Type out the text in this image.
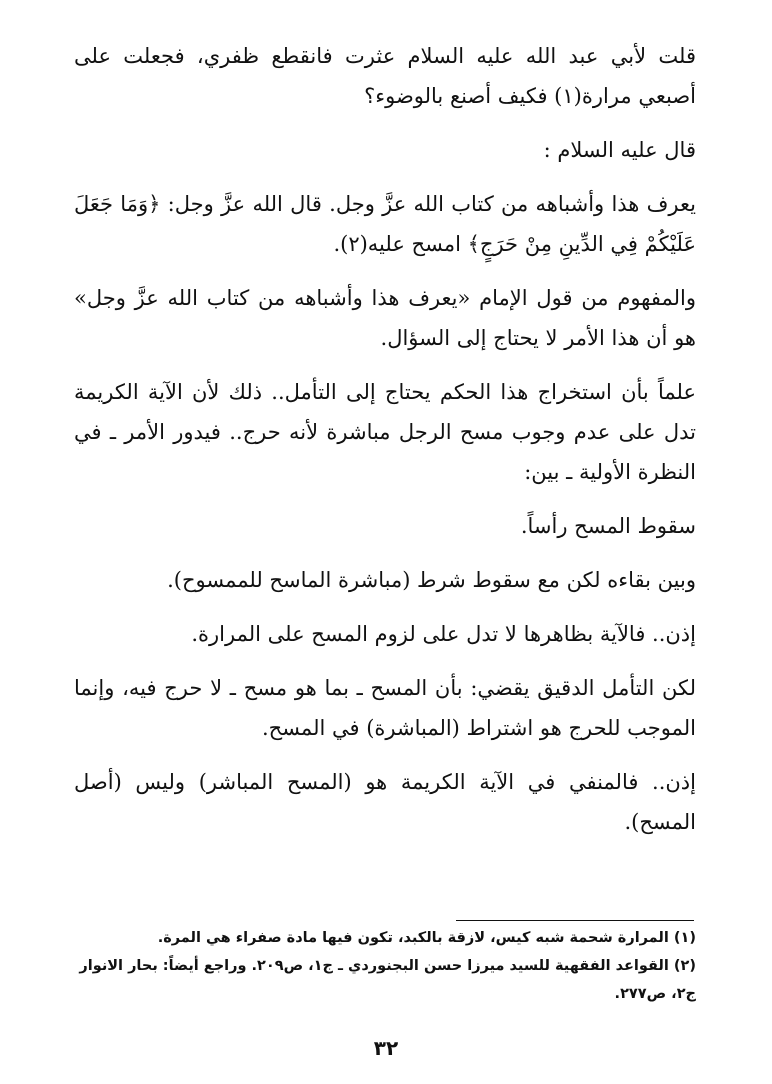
قلت لأبي عبد الله عليه السلام عثرت فانقطع ظفري، فجعلت على أصبعي مرارة(١) فكيف أصنع بالوضوء؟

قال عليه السلام :

يعرف هذا وأشباهه من كتاب الله عزَّ وجل. قال الله عزَّ وجل: ﴿وَمَا جَعَلَ عَلَيْكُمْ فِي الدِّينِ مِنْ حَرَجٍ﴾ امسح عليه(٢).

والمفهوم من قول الإمام «يعرف هذا وأشباهه من كتاب الله عزَّ وجل» هو أن هذا الأمر لا يحتاج إلى السؤال.

علماً بأن استخراج هذا الحكم يحتاج إلى التأمل.. ذلك لأن الآية الكريمة تدل على عدم وجوب مسح الرجل مباشرة لأنه حرج.. فيدور الأمر ـ في النظرة الأولية ـ بين:

سقوط المسح رأساً.

وبين بقاءه لكن مع سقوط شرط (مباشرة الماسح للممسوح).

إذن.. فالآية بظاهرها لا تدل على لزوم المسح على المرارة.

لكن التأمل الدقيق يقضي: بأن المسح ـ بما هو مسح ـ لا حرج فيه، وإنما الموجب للحرج هو اشتراط (المباشرة) في المسح.

إذن.. فالمنفي في الآية الكريمة هو (المسح المباشر) وليس (أصل المسح).

(١) المرارة شحمة شبه كيس، لازقة بالكبد، تكون فيها مادة صفراء هي المرة.

(٢) القواعد الفقهية للسيد ميرزا حسن البجنوردي ـ ج١، ص٢٠٩. وراجع أيضاً: بحار الانوار ج٢، ص٢٧٧.

٣٢
